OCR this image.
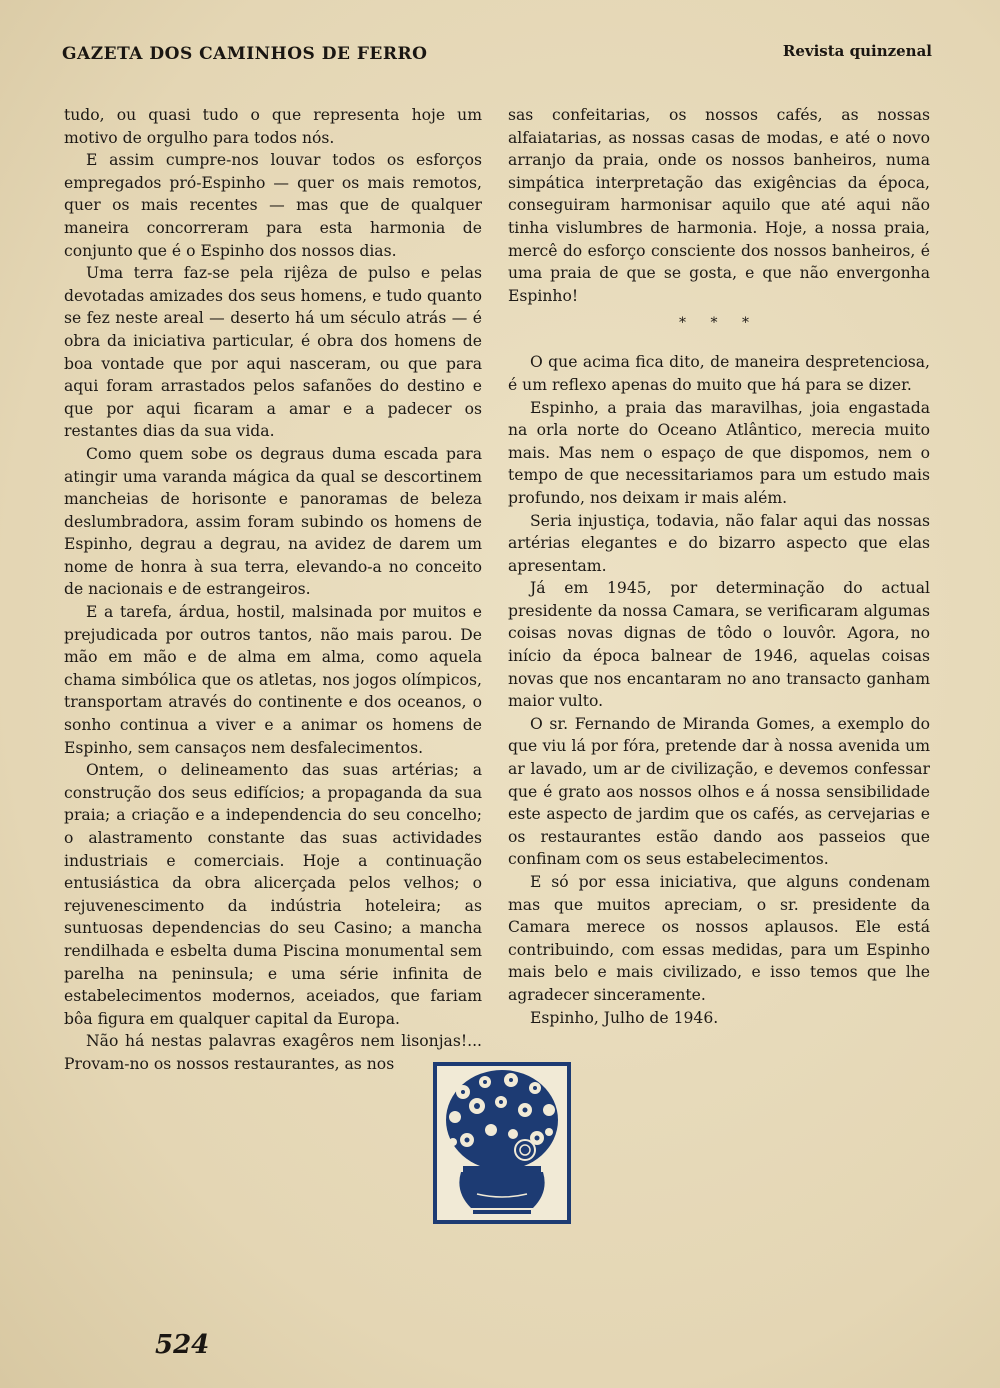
GAZETA DOS CAMINHOS DE FERRO	Revista quinzenal

tudo, ou quasi tudo o que representa hoje um motivo de orgulho para todos nós.

E assim cumpre-nos louvar todos os esforços empregados pró-Espinho — quer os mais remotos, quer os mais recentes — mas que de qualquer maneira concorreram para esta harmonia de conjunto que é o Espinho dos nossos dias.

Uma terra faz-se pela rijêza de pulso e pelas devotadas amizades dos seus homens, e tudo quanto se fez neste areal — deserto há um século atrás — é obra da iniciativa particular, é obra dos homens de boa vontade que por aqui nasceram, ou que para aqui foram arrastados pelos safanões do destino e que por aqui ficaram a amar e a padecer os restantes dias da sua vida.

Como quem sobe os degraus duma escada para atingir uma varanda mágica da qual se descortinem mancheias de horisonte e panoramas de beleza deslumbradora, assim foram subindo os homens de Espinho, degrau a degrau, na avidez de darem um nome de honra à sua terra, elevando-a no conceito de nacionais e de estrangeiros.

E a tarefa, árdua, hostil, malsinada por muitos e prejudicada por outros tantos, não mais parou. De mão em mão e de alma em alma, como aquela chama simbólica que os atletas, nos jogos olímpicos, transportam através do continente e dos oceanos, o sonho continua a viver e a animar os homens de Espinho, sem cansaços nem desfalecimentos.

Ontem, o delineamento das suas artérias; a construção dos seus edifícios; a propaganda da sua praia; a criação e a independencia do seu concelho; o alastramento constante das suas actividades industriais e comerciais. Hoje a continuação entusiástica da obra alicerçada pelos velhos; o rejuvenescimento da indústria hoteleira; as suntuosas dependencias do seu Casino; a mancha rendilhada e esbelta duma Piscina monumental sem parelha na peninsula; e uma série infinita de estabelecimentos modernos, aceiados, que fariam bôa figura em qualquer capital da Europa.

Não há nestas palavras exagêros nem lisonjas!... Provam-no os nossos restaurantes, as nos

sas confeitarias, os nossos cafés, as nossas alfaiatarias, as nossas casas de modas, e até o novo arranjo da praia, onde os nossos banheiros, numa simpática interpretação das exigências da época, conseguiram harmonisar aquilo que até aqui não tinha vislumbres de harmonia. Hoje, a nossa praia, mercê do esforço consciente dos nossos banheiros, é uma praia de que se gosta, e que não envergonha Espinho!

* * *

O que acima fica dito, de maneira despretenciosa, é um reflexo apenas do muito que há para se dizer.

Espinho, a praia das maravilhas, joia engastada na orla norte do Oceano Atlântico, merecia muito mais. Mas nem o espaço de que dispomos, nem o tempo de que necessitariamos para um estudo mais profundo, nos deixam ir mais além.

Seria injustiça, todavia, não falar aqui das nossas artérias elegantes e do bizarro aspecto que elas apresentam.

Já em 1945, por determinação do actual presidente da nossa Camara, se verificaram algumas coisas novas dignas de tôdo o louvôr. Agora, no início da época balnear de 1946, aquelas coisas novas que nos encantaram no ano transacto ganham maior vulto.

O sr. Fernando de Miranda Gomes, a exemplo do que viu lá por fóra, pretende dar à nossa avenida um ar lavado, um ar de civilização, e devemos confessar que é grato aos nossos olhos e á nossa sensibilidade este aspecto de jardim que os cafés, as cervejarias e os restaurantes estão dando aos passeios que confinam com os seus estabelecimentos.

E só por essa iniciativa, que alguns condenam mas que muitos apreciam, o sr. presidente da Camara merece os nossos aplausos. Ele está contribuindo, com essas medidas, para um Espinho mais belo e mais civilizado, e isso temos que lhe agradecer sinceramente.

Espinho, Julho de 1946.

524
